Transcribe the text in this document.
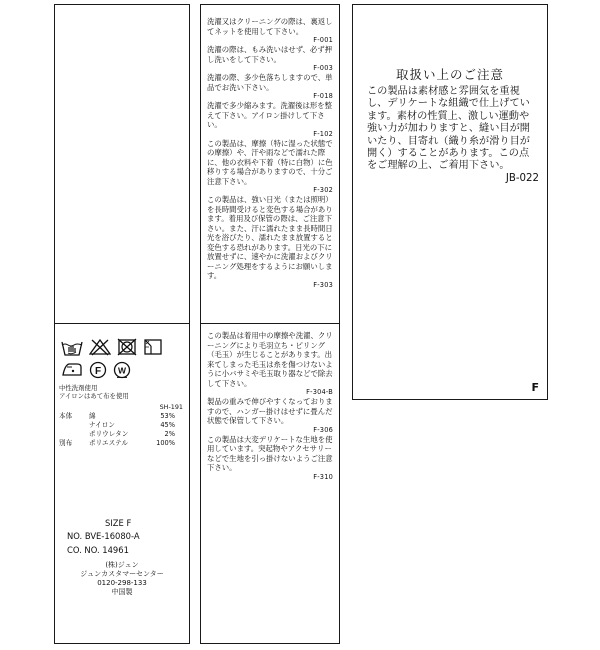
F W
中性洗剤使用
アイロンはあて布を使用
SH-191
本体	綿	53%
ナイロン	45%
ポリウレタン	2%
別布	ポリエステル	100%
SIZE F
NO. BVE-16080-A
CO. NO. 14961
(株)ジュン
ジュンカスタマーセンター
0120-298-133
中国製
洗濯又はクリーニングの際は、裏返してネットを使用して下さい。
F-001
洗濯の際は、もみ洗いはせず、必ず押し洗いをして下さい。
F-003
洗濯の際、多少色落ちしますので、単品でお洗い下さい。
F-018
洗濯で多少縮みます。洗濯後は形を整えて下さい。アイロン掛けして下さい。
F-102
この製品は、摩擦（特に湿った状態での摩擦）や、汗や雨などで濡れた際に、他の衣料や下着（特に白物）に色移りする場合がありますので、十分ご注意下さい。
F-302
この製品は、強い日光（または照明）を長時間受けると変色する場合があります。着用及び保管の際は、ご注意下さい。また、汗に濡れたまま長時間日光を浴びたり、濡れたまま放置すると変色する恐れがあります。日光の下に放置せずに、速やかに洗濯およびクリーニング処理をするようにお願いします。
F-303
この製品は着用中の摩擦や洗濯、クリーニングにより毛羽立ち・ピリング（毛玉）が生じることがあります。出来てしまった毛玉は糸を傷つけないように小バサミや毛玉取り器などで除去して下さい。
F-304-B
製品の重みで伸びやすくなっておりますので、ハンガー掛けはせずに畳んだ状態で保管して下さい。
F-306
この製品は大変デリケートな生地を使用しています。突起物やアクセサリーなどで生地を引っ掛けないようご注意下さい。
F-310
取扱い上のご注意
この製品は素材感と雰囲気を重視し、デリケートな組織で仕上げています。素材の性質上、激しい運動や強い力が加わりますと、縫い目が開いたり、目寄れ（織り糸が滑り目が開く）することがあります。この点をご理解の上、ご着用下さい。
JB-022
F
